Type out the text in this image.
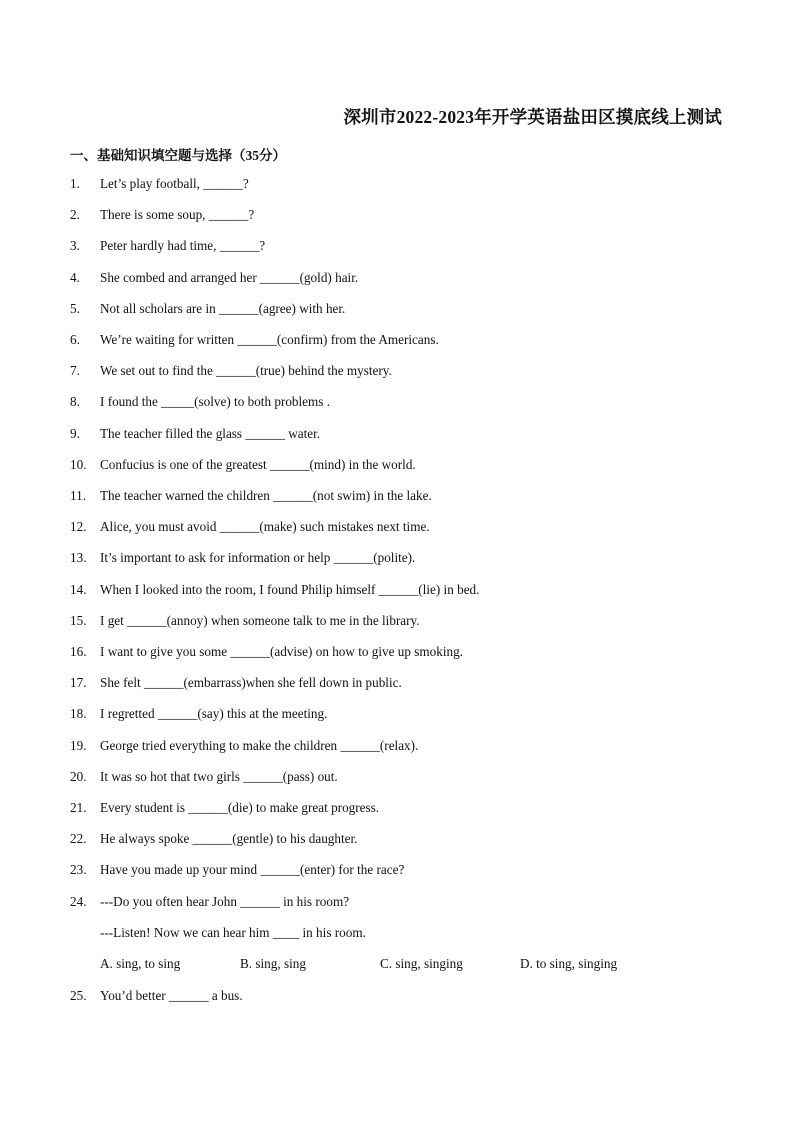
深圳市2022-2023年开学英语盐田区摸底线上测试
一、基础知识填空题与选择（35分）
1. Let’s play football, ______?
2. There is some soup, ______?
3. Peter hardly had time, ______?
4. She combed and arranged her ______(gold) hair.
5. Not all scholars are in ______(agree) with her.
6. We’re waiting for written ______(confirm) from the Americans.
7. We set out to find the ______(true) behind the mystery.
8. I found the _____(solve) to both problems .
9. The teacher filled the glass ______ water.
10. Confucius is one of the greatest ______(mind) in the world.
11. The teacher warned the children ______(not swim) in the lake.
12. Alice, you must avoid ______(make) such mistakes next time.
13. It’s important to ask for information or help ______(polite).
14. When I looked into the room, I found Philip himself ______(lie) in bed.
15. I get ______(annoy) when someone talk to me in the library.
16. I want to give you some ______(advise) on how to give up smoking.
17. She felt ______(embarrass)when she fell down in public.
18. I regretted ______(say) this at the meeting.
19. George tried everything to make the children ______(relax).
20. It was so hot that two girls ______(pass) out.
21. Every student is ______(die) to make great progress.
22. He always spoke ______(gentle) to his daughter.
23. Have you made up your mind ______(enter) for the race?
24. ---Do you often hear John ______ in his room?
---Listen! Now we can hear him ____ in his room.
A. sing, to sing	B. sing, sing	C. sing, singing	D. to sing, singing
25. You’d better ______ a bus.
